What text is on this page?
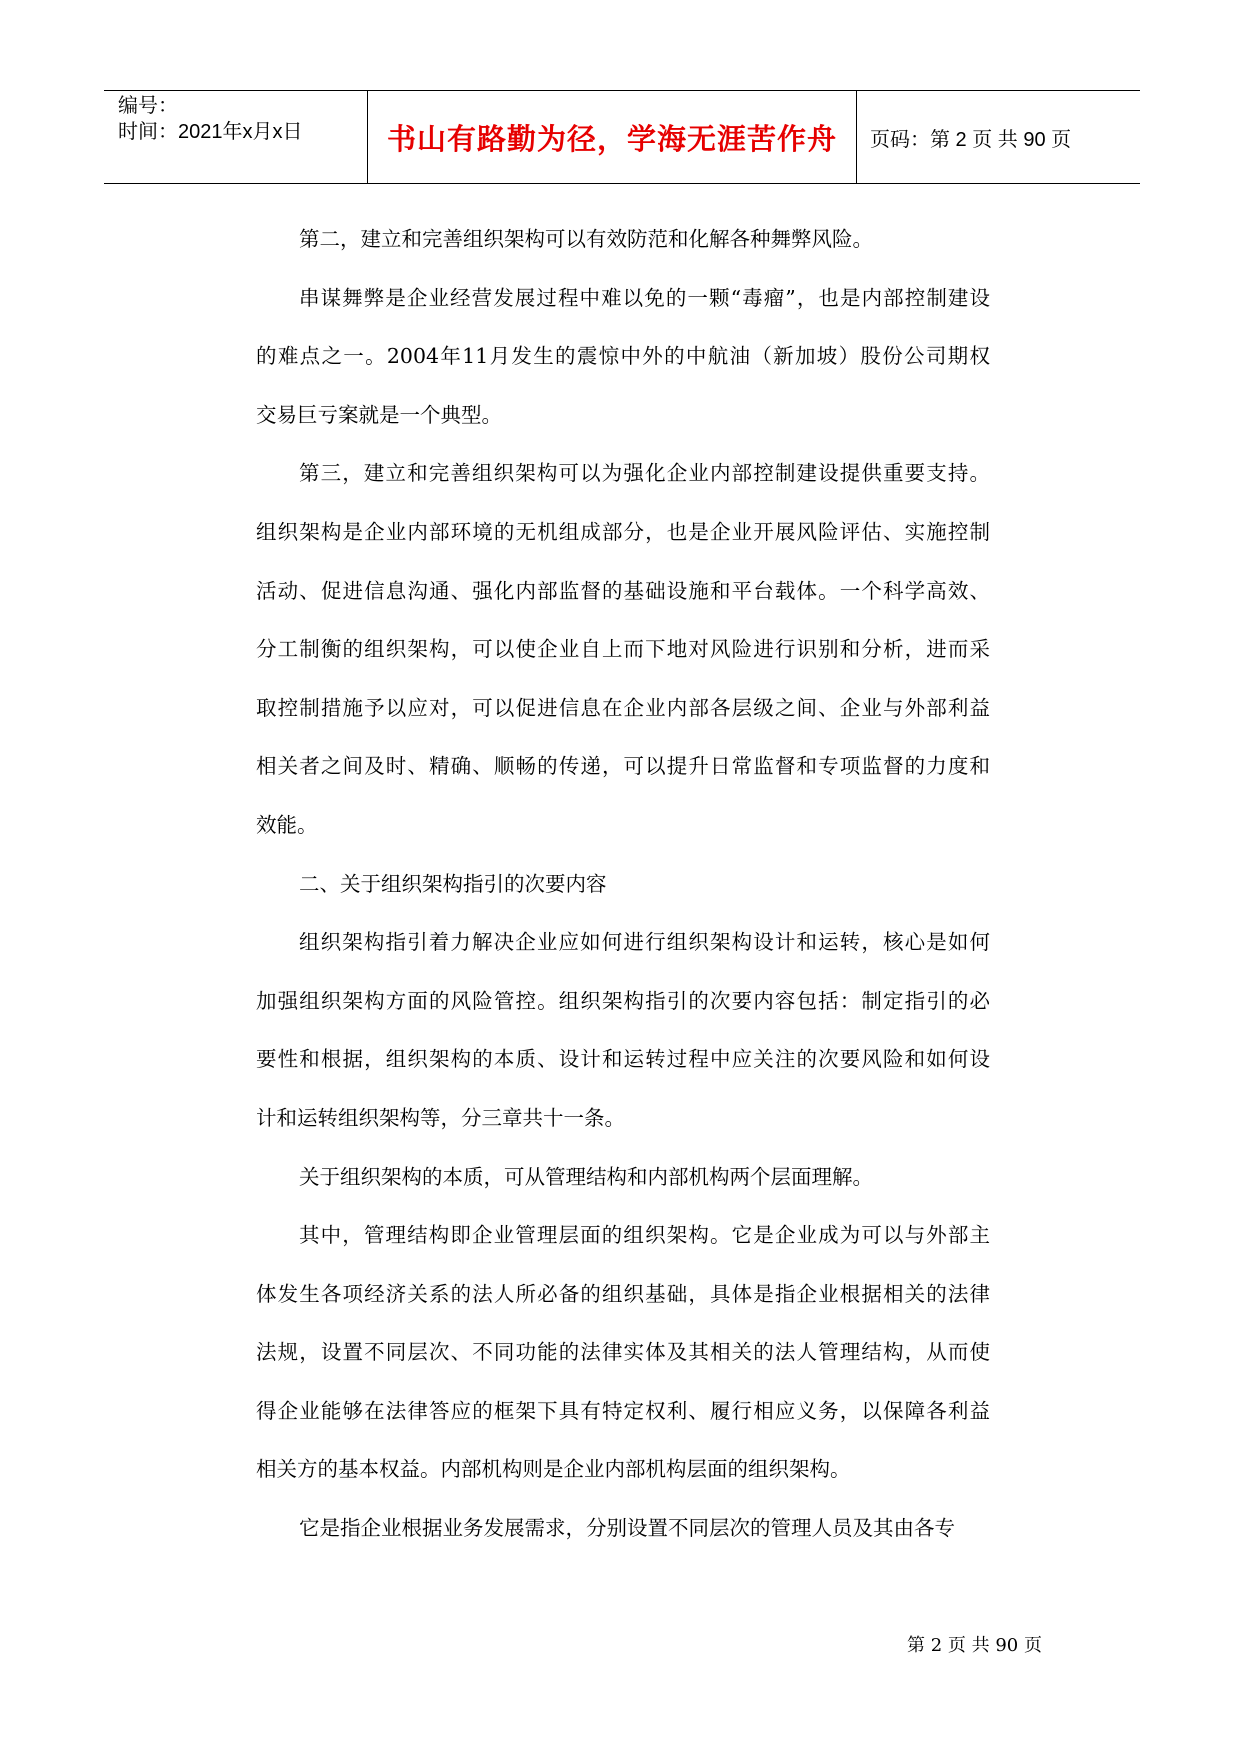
编号：
时间：2021年x月x日	书山有路勤为径，学海无涯苦作舟 页码：第 2 页 共 90 页
第二，建立和完善组织架构可以有效防范和化解各种舞弊风险。
串谋舞弊是企业经营发展过程中难以免的一颗“毒瘤”，也是内部控制建设
的难点之一。2004年11月发生的震惊中外的中航油（新加坡）股份公司期权
交易巨亏案就是一个典型。
第三，建立和完善组织架构可以为强化企业内部控制建设提供重要支持。
组织架构是企业内部环境的无机组成部分，也是企业开展风险评估、实施控制
活动、促进信息沟通、强化内部监督的基础设施和平台载体。一个科学高效、
分工制衡的组织架构，可以使企业自上而下地对风险进行识别和分析，进而采
取控制措施予以应对，可以促进信息在企业内部各层级之间、企业与外部利益
相关者之间及时、精确、顺畅的传递，可以提升日常监督和专项监督的力度和
效能。
二、关于组织架构指引的次要内容
组织架构指引着力解决企业应如何进行组织架构设计和运转，核心是如何
加强组织架构方面的风险管控。组织架构指引的次要内容包括：制定指引的必
要性和根据，组织架构的本质、设计和运转过程中应关注的次要风险和如何设
计和运转组织架构等，分三章共十一条。
关于组织架构的本质，可从管理结构和内部机构两个层面理解。
其中，管理结构即企业管理层面的组织架构。它是企业成为可以与外部主
体发生各项经济关系的法人所必备的组织基础，具体是指企业根据相关的法律
法规，设置不同层次、不同功能的法律实体及其相关的法人管理结构，从而使
得企业能够在法律答应的框架下具有特定权利、履行相应义务，以保障各利益
相关方的基本权益。内部机构则是企业内部机构层面的组织架构。
它是指企业根据业务发展需求，分别设置不同层次的管理人员及其由各专
第 2 页 共 90 页
